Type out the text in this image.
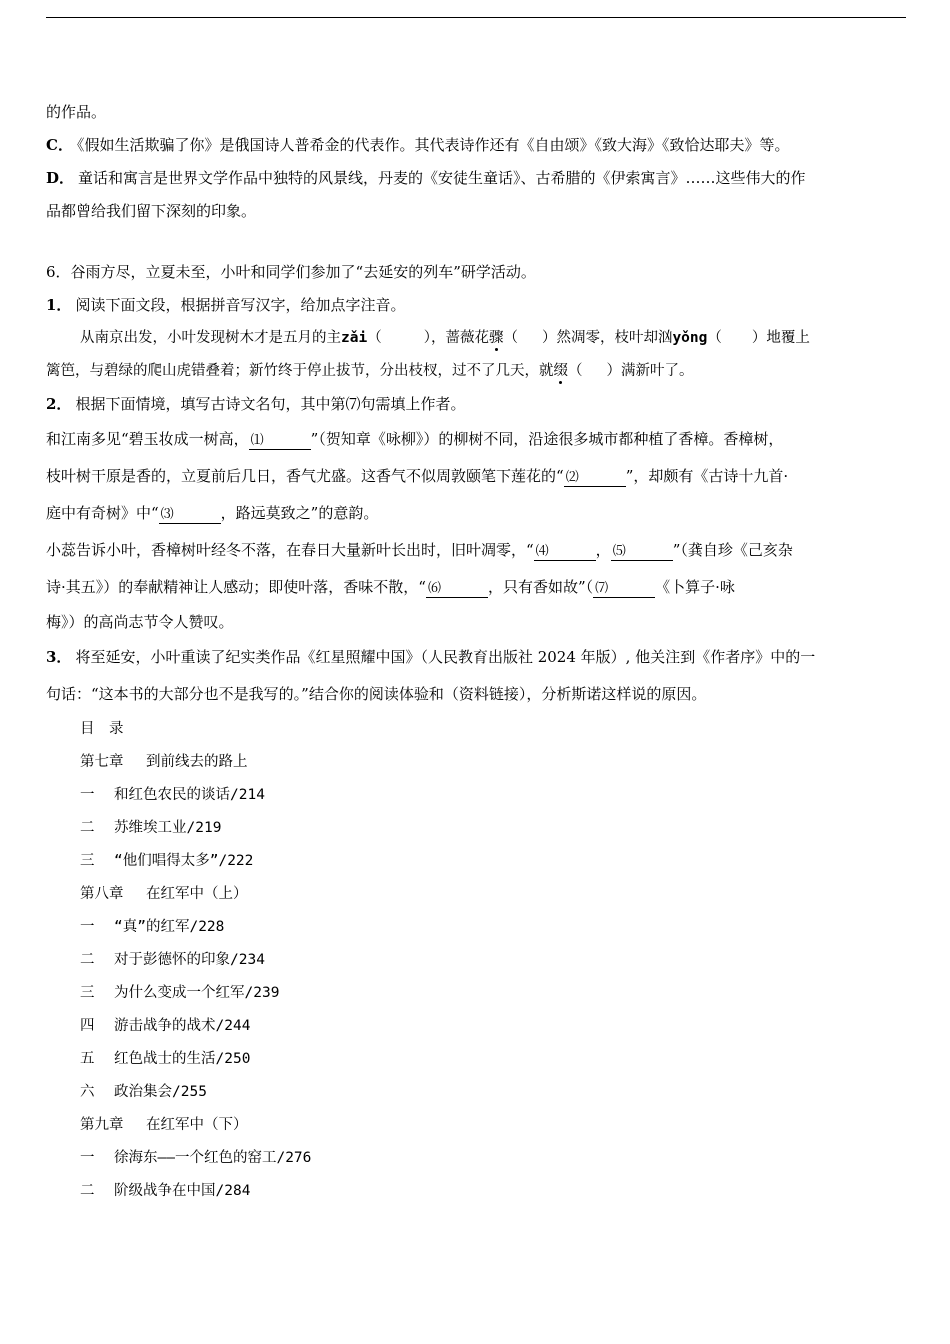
的作品。
C． 《假如生活欺骗了你》是俄国诗人普希金的代表作。其代表诗作还有《自由颂》《致大海》《致恰达耶夫》等。
D． 童话和寓言是世界文学作品中独特的风景线，丹麦的《安徒生童话》、古希腊的《伊索寓言》……这些伟大的作
品都曾给我们留下深刻的印象。
6．谷雨方尽，立夏未至，小叶和同学们参加了“去延安的列车”研学活动。
1． 阅读下面文段，根据拼音写汉字，给加点字注音。
从南京出发，小叶发现树木才是五月的主zǎi（	），蔷薇花骤（ ）然凋零，枝叶却汹yǒng（ ）地覆上
篱笆，与碧绿的爬山虎错叠着；新竹终于停止拔节，分出枝杈，过不了几天，就缀（ ）满新叶了。
2． 根据下面情境，填写古诗文名句，其中第⑺句需填上作者。
和江南多见“碧玉妆成一树高， ⑴	”（贺知章《咏柳》）的柳树不同，沿途很多城市都种植了香樟。香樟树，
枝叶树干原是香的，立夏前后几日，香气尤盛。这香气不似周敦颐笔下莲花的“ ⑵	”，却颇有《古诗十九首·
庭中有奇树》中“ ⑶	，路远莫致之”的意韵。
小蕊告诉小叶，香樟树叶经冬不落，在春日大量新叶长出时，旧叶凋零，“ ⑷	， ⑸	”（龚自珍《己亥杂
诗·其五》）的奉献精神让人感动；即使叶落，香味不散，“ ⑹	，只有香如故”（ ⑺	《卜算子·咏
梅》）的高尚志节令人赞叹。
3． 将至延安，小叶重读了纪实类作品《红星照耀中国》（人民教育出版社 2024 年版）, 他关注到《作者序》中的一
句话：“这本书的大部分也不是我写的。”结合你的阅读体验和（资料链接），分析斯诺这样说的原因。
目　录
第七章 到前线去的路上
一 和红色农民的谈话/214
二 苏维埃工业/219
三 “他们唱得太多”/222
第八章 在红军中（上）
一 “真”的红军/228
二 对于彭德怀的印象/234
三 为什么变成一个红军/239
四 游击战争的战术/244
五 红色战士的生活/250
六 政治集会/255
第九章 在红军中（下）
一 徐海东——一个红色的窑工/276
二 阶级战争在中国/284
